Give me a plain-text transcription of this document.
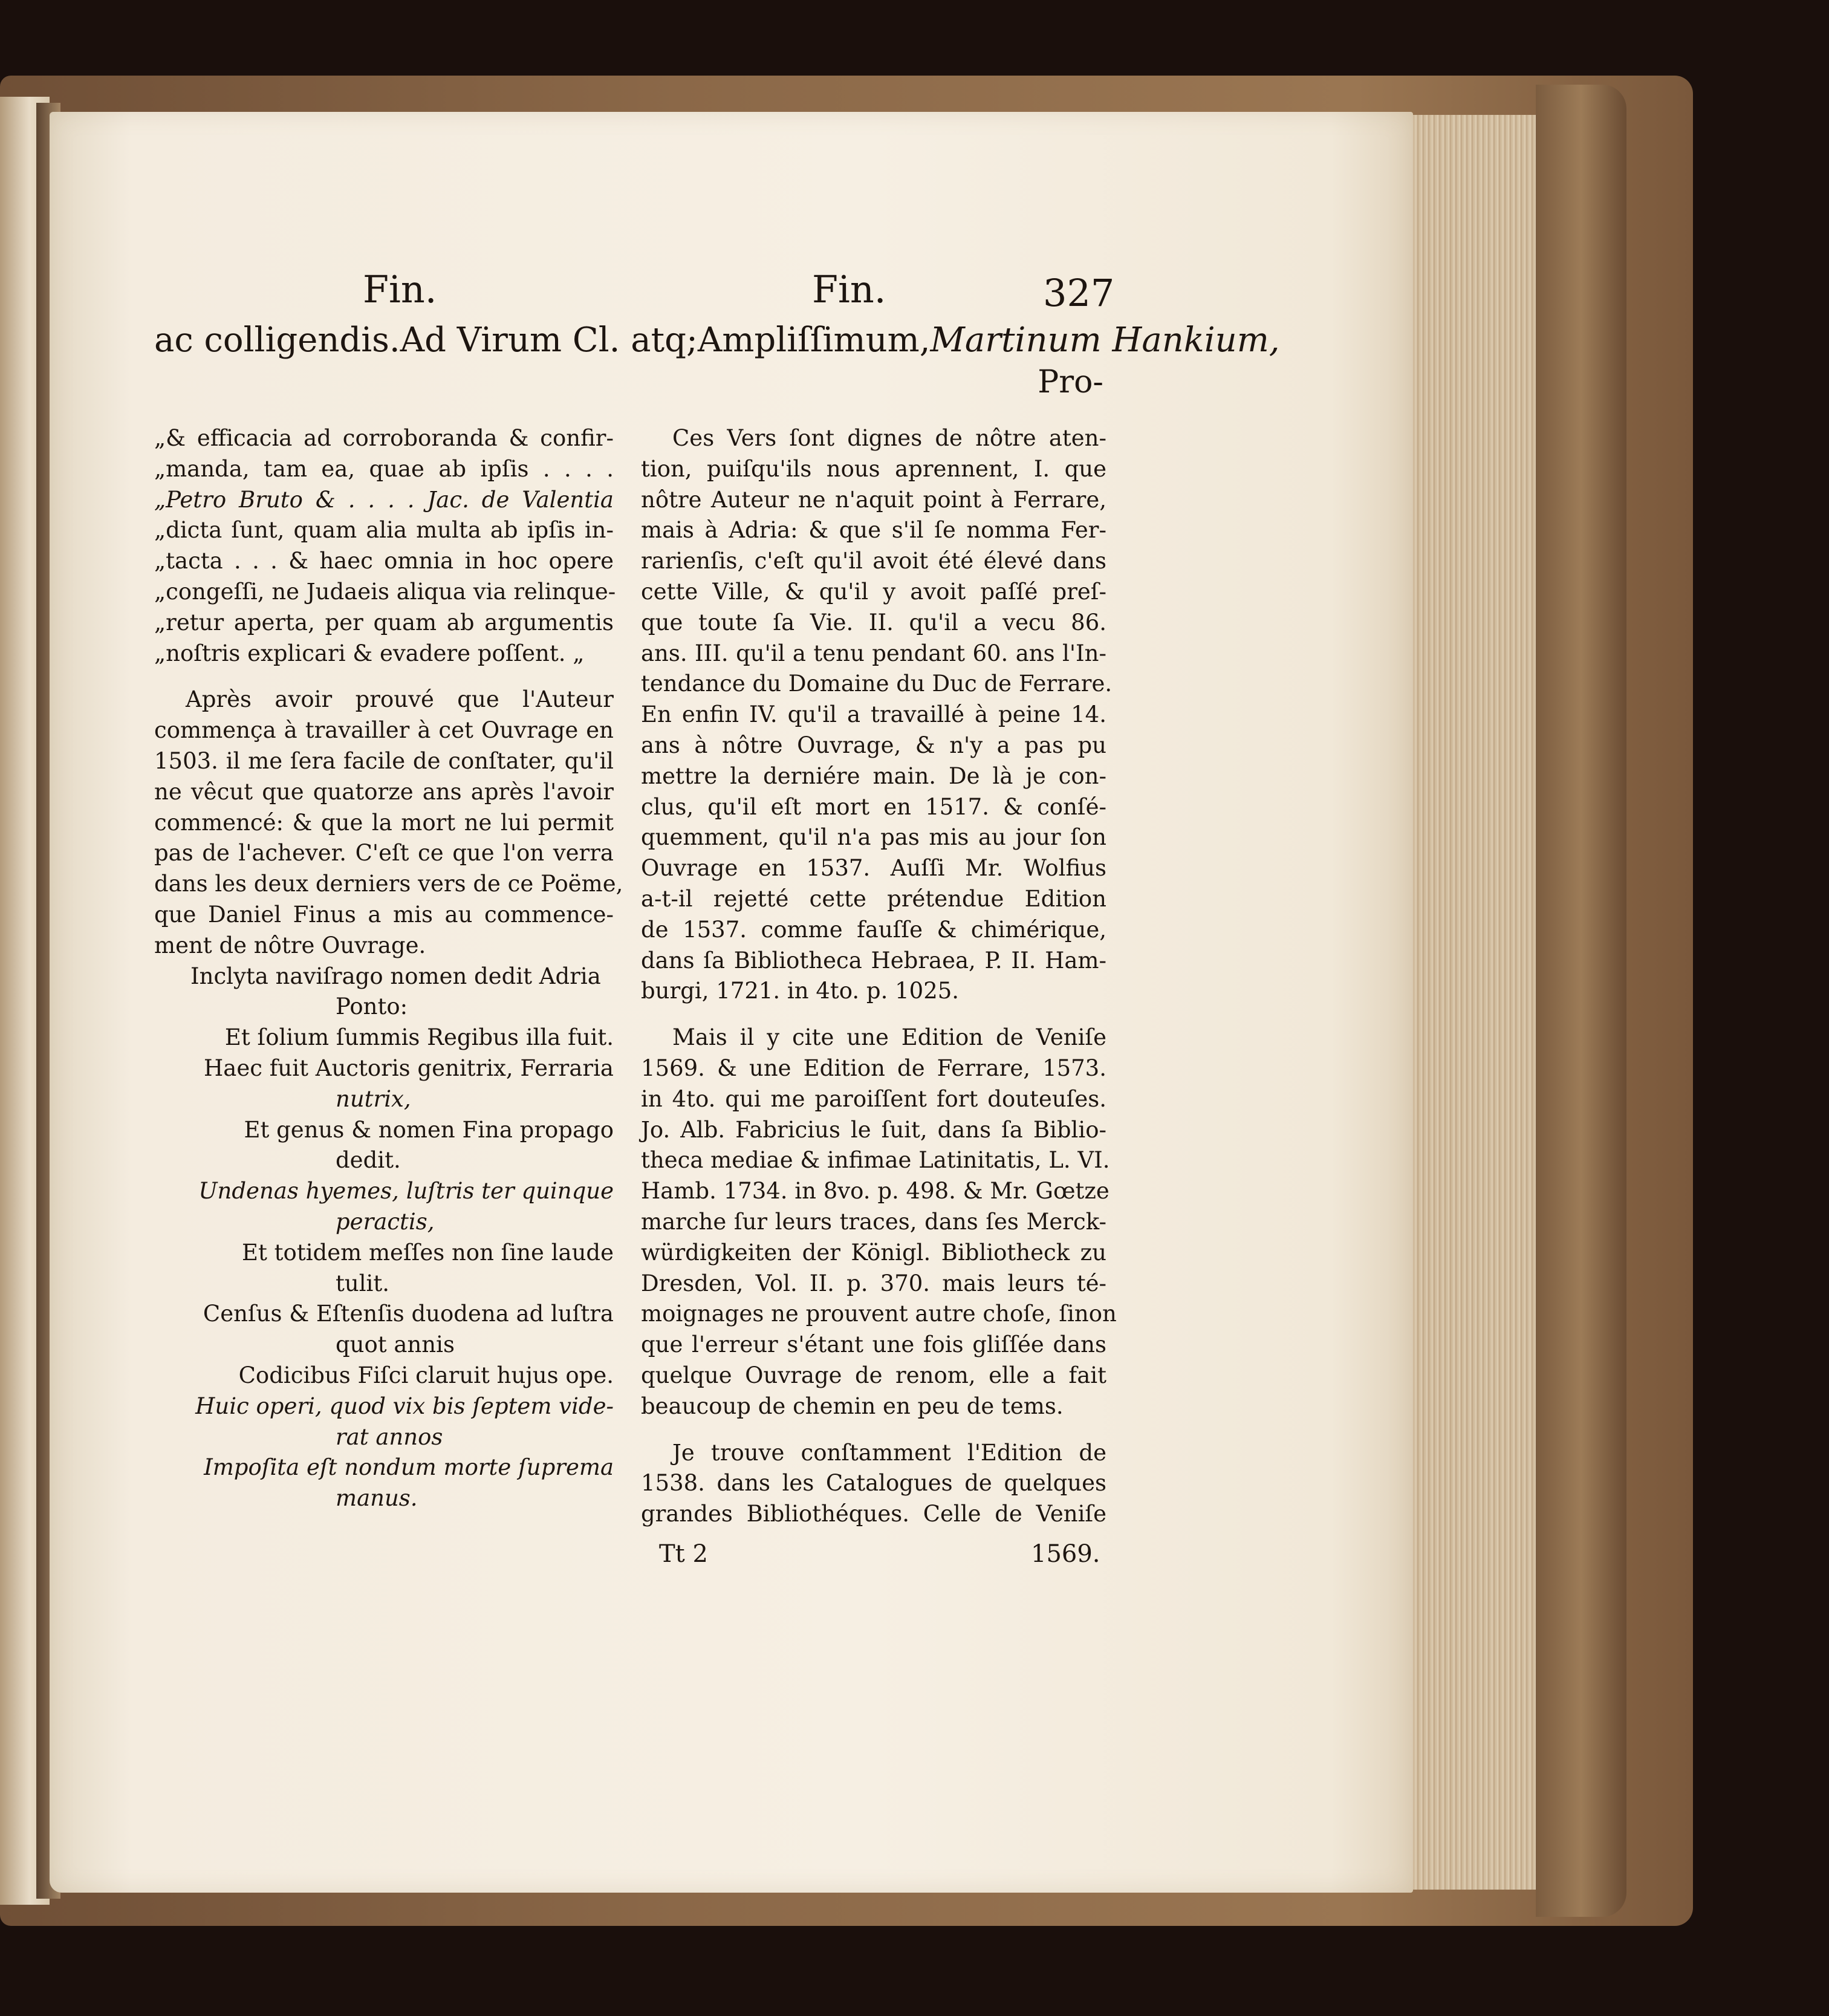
Fin.	Fin.	327
ac colligendis. Ad Virum Cl. atq; Ampliſſimum, Martinum Hankium,
Pro-
„& efficacia ad corroboranda & confir-
„manda, tam ea, quae ab ipſis . . . .
„Petro Bruto & . . . . Jac. de Valentia
„dicta ſunt, quam alia multa ab ipſis in-
„tacta . . . & haec omnia in hoc opere
„congeſſi, ne Judaeis aliqua via relinque-
„retur aperta, per quam ab argumentis
„noſtris explicari & evadere poſſent. „
Après avoir prouvé que l'Auteur
commença à travailler à cet Ouvrage en
1503. il me ſera facile de conſtater, qu'il
ne vêcut que quatorze ans après l'avoir
commencé: & que la mort ne lui permit
pas de l'achever. C'eſt ce que l'on verra
dans les deux derniers vers de ce Poëme,
que Daniel Finus a mis au commence-
ment de nôtre Ouvrage.
Inclyta naviſrago nomen dedit Adria
Ponto:
Et ſolium ſummis Regibus illa fuit.
Haec fuit Auctoris genitrix, Ferraria
nutrix,
Et genus & nomen Fina propago
dedit.
Undenas hyemes, luſtris ter quinque
peractis,
Et totidem meſſes non ſine laude
tulit.
Cenſus & Eſtenſis duodena ad luſtra
quot annis
Codicibus Fiſci claruit hujus ope.
Huic operi, quod vix bis ſeptem vide-
rat annos
Impoſita eſt nondum morte ſuprema
manus.
Ces Vers ſont dignes de nôtre aten-
tion, puiſqu'ils nous aprennent, I. que
nôtre Auteur ne n'aquit point à Ferrare,
mais à Adria: & que s'il ſe nomma Fer-
rarienſis, c'eſt qu'il avoit été élevé dans
cette Ville, & qu'il y avoit paſſé preſ-
que toute ſa Vie. II. qu'il a vecu 86.
ans. III. qu'il a tenu pendant 60. ans l'In-
tendance du Domaine du Duc de Ferrare.
En enfin IV. qu'il a travaillé à peine 14.
ans à nôtre Ouvrage, & n'y a pas pu
mettre la derniére main. De là je con-
clus, qu'il eſt mort en 1517. & conſé-
quemment, qu'il n'a pas mis au jour ſon
Ouvrage en 1537. Auſſi Mr. Wolfius
a-t-il rejetté cette prétendue Edition
de 1537. comme fauſſe & chimérique,
dans ſa Bibliotheca Hebraea, P. II. Ham-
burgi, 1721. in 4to. p. 1025.
Mais il y cite une Edition de Veniſe
1569. & une Edition de Ferrare, 1573.
in 4to. qui me paroiſſent fort douteuſes.
Jo. Alb. Fabricius le ſuit, dans ſa Biblio-
theca mediae & infimae Latinitatis, L. VI.
Hamb. 1734. in 8vo. p. 498. & Mr. Gœtze
marche ſur leurs traces, dans ſes Merck-
würdigkeiten der Königl. Bibliotheck zu
Dresden, Vol. II. p. 370. mais leurs té-
moignages ne prouvent autre choſe, ſinon
que l'erreur s'étant une fois gliſſée dans
quelque Ouvrage de renom, elle a fait
beaucoup de chemin en peu de tems.
Je trouve conſtamment l'Edition de
1538. dans les Catalogues de quelques
grandes Bibliothéques. Celle de Veniſe
Tt 2	1569.
